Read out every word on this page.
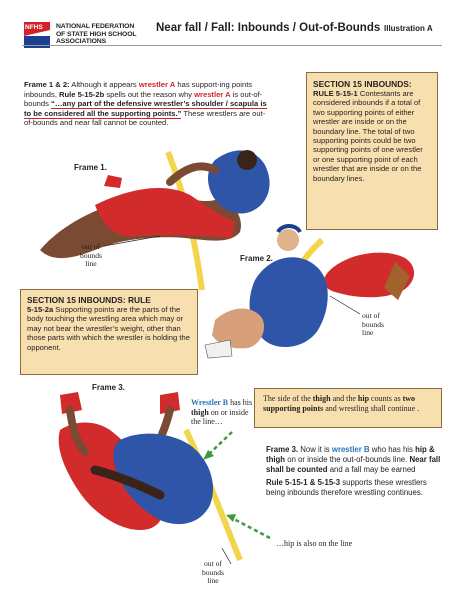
NFHS NATIONAL FEDERATION
OF STATE HIGH SCHOOL
ASSOCIATIONS
Near fall / Fall: Inbounds / Out-of-Bounds Illustration A
Frame 1 & 2: Although it appears wrestler A has support-ing points inbounds, Rule 5-15-2b spells out the reason why wrestler A is out-of-bounds “…any part of the defensive wrestler’s shoulder / scapula is to be considered all the supporting points.” These wrestlers are out-of-bounds and near fall cannot be counted.
SECTION 15 INBOUNDS:
RULE 5-15-1 Contestants are considered inbounds if a total of two supporting points of either wrestler are inside or on the boundary line. The total of two supporting points could be two supporting points of one wrestler or one supporting point of each wrestler that are inside or on the boundary lines.
SECTION 15 INBOUNDS: RULE
5-15-2a Supporting points are the parts of the body touching the wrestling area which may or may not bear the wrestler’s weight, other than those parts with which the wrestler is holding the opponent.
Frame 1.
Frame 2.
Frame 3.
out of
bounds
line
out of
bounds
line
out of
bounds
line
Wrestler B has his thigh on or inside the line…
The side of the thigh and the hip counts as two supporting points and wrestling shall continue .
Frame 3. Now it is wrestler B who has his hip & thigh on or inside the out-of-bounds line. Near fall shall be counted and a fall may be earned
Rule 5-15-1 & 5-15-3 supports these wrestlers being inbounds therefore wrestling continues.
…hip is also on the line
